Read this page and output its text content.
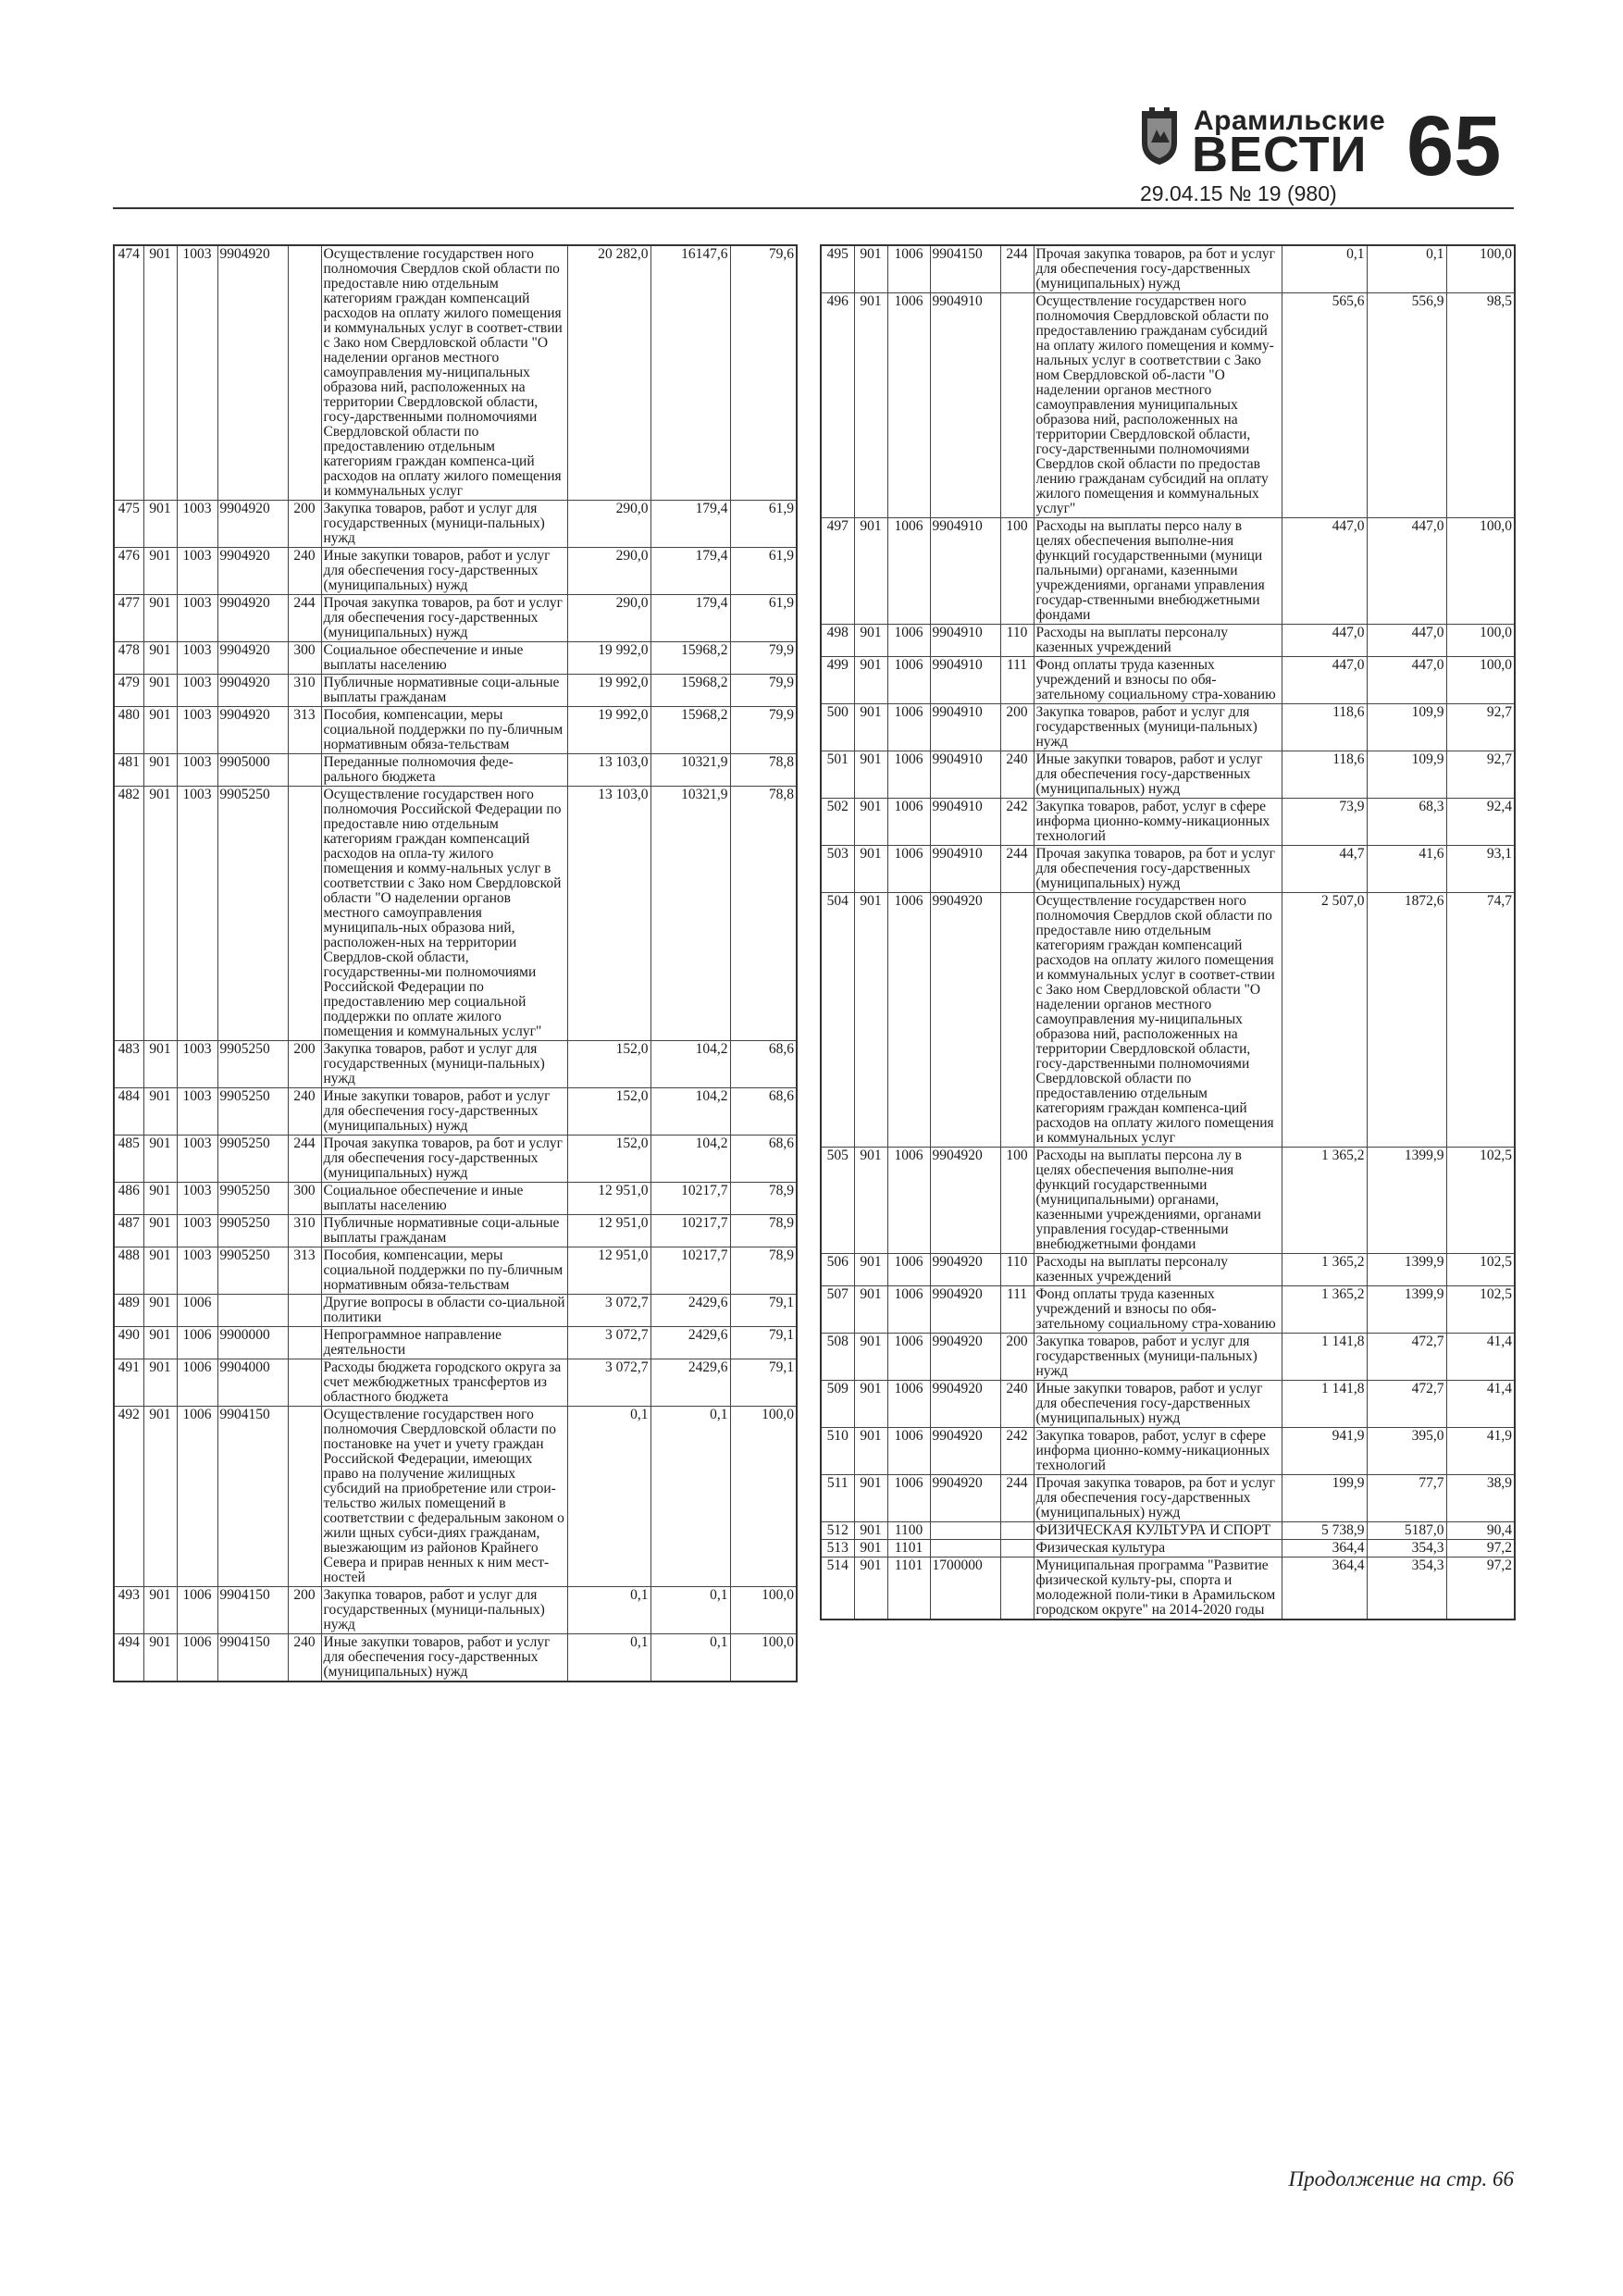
Арамильские
ВЕСТИ
29.04.15 № 19 (980) 65
474	901	1003	9904920		Осуществление государствен ного полномочия Свердлов ской области по предоставле нию отдельным категориям граждан компенсаций расходов на оплату жилого помещения и коммунальных услуг в соответ-ствии с Зако ном Свердловской области "О наделении органов местного самоуправления му-ниципальных образова ний, расположенных на территории Свердловской области, госу-дарственными полномочиями Свердловской области по предоставлению отдельным категориям граждан компенса-ций расходов на оплату жилого помещения и коммунальных услуг	20 282,0	16147,6	79,6
475	901	1003	9904920	200	Закупка товаров, работ и услуг для государственных (муници-пальных) нужд	290,0	179,4	61,9
476	901	1003	9904920	240	Иные закупки товаров, работ и услуг для обеспечения госу-дарственных (муниципальных) нужд	290,0	179,4	61,9
477	901	1003	9904920	244	Прочая закупка товаров, ра бот и услуг для обеспечения госу-дарственных (муниципальных) нужд	290,0	179,4	61,9
478	901	1003	9904920	300	Социальное обеспечение и иные выплаты населению	19 992,0	15968,2	79,9
479	901	1003	9904920	310	Публичные нормативные соци-альные выплаты гражданам	19 992,0	15968,2	79,9
480	901	1003	9904920	313	Пособия, компенсации, меры социальной поддержки по пу-бличным нормативным обяза-тельствам	19 992,0	15968,2	79,9
481	901	1003	9905000		Переданные полномочия феде-рального бюджета	13 103,0	10321,9	78,8
482	901	1003	9905250		Осуществление государствен ного полномочия Российской Федерации по предоставле нию отдельным категориям граждан компенсаций расходов на опла-ту жилого помещения и комму-нальных услуг в соответствии с Зако ном Свердловской области "О наделении органов местного самоуправления муниципаль-ных образова ний, расположен-ных на территории Свердлов-ской области, государственны-ми полномочиями Российской Федерации по предоставлению мер социальной поддержки по оплате жилого помещения и коммунальных услуг"	13 103,0	10321,9	78,8
483	901	1003	9905250	200	Закупка товаров, работ и услуг для государственных (муници-пальных) нужд	152,0	104,2	68,6
484	901	1003	9905250	240	Иные закупки товаров, работ и услуг для обеспечения госу-дарственных (муниципальных) нужд	152,0	104,2	68,6
485	901	1003	9905250	244	Прочая закупка товаров, ра бот и услуг для обеспечения госу-дарственных (муниципальных) нужд	152,0	104,2	68,6
486	901	1003	9905250	300	Социальное обеспечение и иные выплаты населению	12 951,0	10217,7	78,9
487	901	1003	9905250	310	Публичные нормативные соци-альные выплаты гражданам	12 951,0	10217,7	78,9
488	901	1003	9905250	313	Пособия, компенсации, меры социальной поддержки по пу-бличным нормативным обяза-тельствам	12 951,0	10217,7	78,9
489	901	1006			Другие вопросы в области со-циальной политики	3 072,7	2429,6	79,1
490	901	1006	9900000		Непрограммное направление деятельности	3 072,7	2429,6	79,1
491	901	1006	9904000		Расходы бюджета городского округа за счет межбюджетных трансфертов из областного бюджета	3 072,7	2429,6	79,1
492	901	1006	9904150		Осуществление государствен ного полномочия Свердловской области по постановке на учет и учету граждан Российской Федерации, имеющих право на получение жилищных субсидий на приобретение или строи-тельство жилых помещений в соответствии с федеральным законом о жили щных субси-диях гражданам, выезжающим из районов Крайнего Севера и прирав ненных к ним мест-ностей	0,1	0,1	100,0
493	901	1006	9904150	200	Закупка товаров, работ и услуг для государственных (муници-пальных) нужд	0,1	0,1	100,0
494	901	1006	9904150	240	Иные закупки товаров, работ и услуг для обеспечения госу-дарственных (муниципальных) нужд	0,1	0,1	100,0
495	901	1006	9904150	244	Прочая закупка товаров, ра бот и услуг для обеспечения госу-дарственных (муниципальных) нужд	0,1	0,1	100,0
496	901	1006	9904910		Осуществление государствен ного полномочия Свердловской области по предоставлению гражданам субсидий на оплату жилого помещения и комму-нальных услуг в соответствии с Зако ном Свердловской об-ласти "О наделении органов местного самоуправления муниципальных образова ний, расположенных на территории Свердловской области, госу-дарственными полномочиями Свердлов ской области по предостав лению гражданам субсидий на оплату жилого помещения и коммунальных услуг"	565,6	556,9	98,5
497	901	1006	9904910	100	Расходы на выплаты персо налу в целях обеспечения выполне-ния функций государственными (муници пальными) органами, казенными учреждениями, органами управления государ-ственными внебюджетными фондами	447,0	447,0	100,0
498	901	1006	9904910	110	Расходы на выплаты персоналу казенных учреждений	447,0	447,0	100,0
499	901	1006	9904910	111	Фонд оплаты труда казенных учреждений и взносы по обя-зательному социальному стра-хованию	447,0	447,0	100,0
500	901	1006	9904910	200	Закупка товаров, работ и услуг для государственных (муници-пальных) нужд	118,6	109,9	92,7
501	901	1006	9904910	240	Иные закупки товаров, работ и услуг для обеспечения госу-дарственных (муниципальных) нужд	118,6	109,9	92,7
502	901	1006	9904910	242	Закупка товаров, работ, услуг в сфере информа ционно-комму-никационных технологий	73,9	68,3	92,4
503	901	1006	9904910	244	Прочая закупка товаров, ра бот и услуг для обеспечения госу-дарственных (муниципальных) нужд	44,7	41,6	93,1
504	901	1006	9904920		Осуществление государствен ного полномочия Свердлов ской области по предоставле нию отдельным категориям граждан компенсаций расходов на оплату жилого помещения и коммунальных услуг в соответ-ствии с Зако ном Свердловской области "О наделении органов местного самоуправления му-ниципальных образова ний, расположенных на территории Свердловской области, госу-дарственными полномочиями Свердловской области по предоставлению отдельным категориям граждан компенса-ций расходов на оплату жилого помещения и коммунальных услуг	2 507,0	1872,6	74,7
505	901	1006	9904920	100	Расходы на выплаты персона лу в целях обеспечения выполне-ния функций государственными (муниципальными) органами, казенными учреждениями, органами управления государ-ственными внебюджетными фондами	1 365,2	1399,9	102,5
506	901	1006	9904920	110	Расходы на выплаты персоналу казенных учреждений	1 365,2	1399,9	102,5
507	901	1006	9904920	111	Фонд оплаты труда казенных учреждений и взносы по обя-зательному социальному стра-хованию	1 365,2	1399,9	102,5
508	901	1006	9904920	200	Закупка товаров, работ и услуг для государственных (муници-пальных) нужд	1 141,8	472,7	41,4
509	901	1006	9904920	240	Иные закупки товаров, работ и услуг для обеспечения госу-дарственных (муниципальных) нужд	1 141,8	472,7	41,4
510	901	1006	9904920	242	Закупка товаров, работ, услуг в сфере информа ционно-комму-никационных технологий	941,9	395,0	41,9
511	901	1006	9904920	244	Прочая закупка товаров, ра бот и услуг для обеспечения госу-дарственных (муниципальных) нужд	199,9	77,7	38,9
512	901	1100			ФИЗИЧЕСКАЯ КУЛЬТУРА И СПОРТ	5 738,9	5187,0	90,4
513	901	1101			Физическая культура	364,4	354,3	97,2
514	901	1101	1700000		Муниципальная программа "Развитие физической культу-ры, спорта и молодежной поли-тики в Арамильском городском округе" на 2014-2020 годы	364,4	354,3	97,2
Продолжение на стр. 66
